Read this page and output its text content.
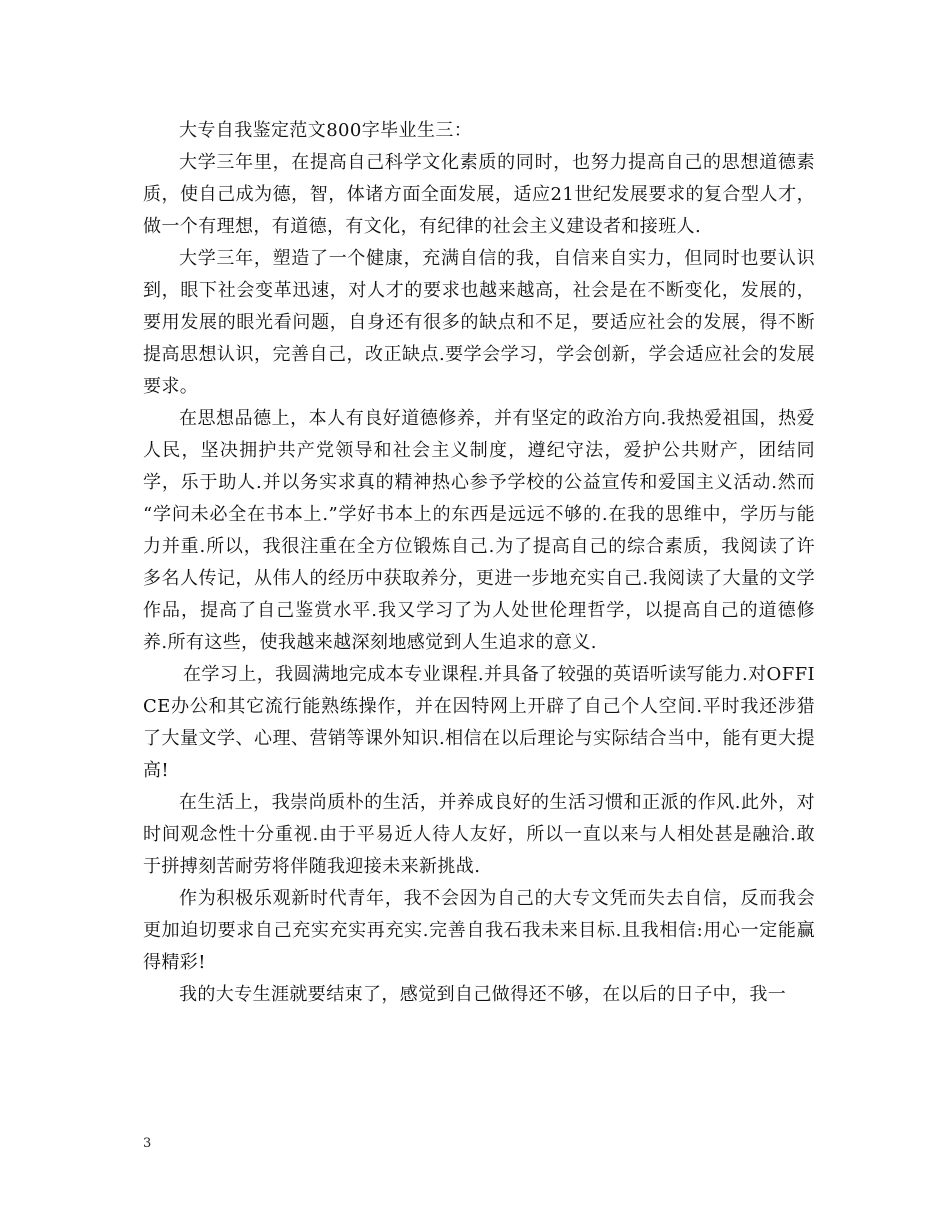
大专自我鉴定范文800字毕业生三：

大学三年里，在提高自己科学文化素质的同时，也努力提高自己的思想道德素质，使自己成为德，智，体诸方面全面发展，适应21世纪发展要求的复合型人才，做一个有理想，有道德，有文化，有纪律的社会主义建设者和接班人.

大学三年，塑造了一个健康，充满自信的我，自信来自实力，但同时也要认识到，眼下社会变革迅速，对人才的要求也越来越高，社会是在不断变化，发展的，要用发展的眼光看问题，自身还有很多的缺点和不足，要适应社会的发展，得不断提高思想认识，完善自己，改正缺点.要学会学习，学会创新，学会适应社会的发展要求。

在思想品德上，本人有良好道德修养，并有坚定的政治方向.我热爱祖国，热爱人民，坚决拥护共产党领导和社会主义制度，遵纪守法，爱护公共财产，团结同学，乐于助人.并以务实求真的精神热心参予学校的公益宣传和爱国主义活动.然而 “学问未必全在书本上.”学好书本上的东西是远远不够的.在我的思维中，学历与能力并重.所以，我很注重在全方位锻炼自己.为了提高自己的综合素质，我阅读了许多名人传记，从伟人的经历中获取养分，更进一步地充实自己.我阅读了大量的文学作品，提高了自己鉴赏水平.我又学习了为人处世伦理哲学，以提高自己的道德修养.所有这些，使我越来越深刻地感觉到人生追求的意义.

在学习上，我圆满地完成本专业课程.并具备了较强的英语听读写能力.对OFFICE办公和其它流行能熟练操作，并在因特网上开辟了自己个人空间.平时我还涉猎了大量文学、心理、营销等课外知识.相信在以后理论与实际结合当中，能有更大提高!

在生活上，我崇尚质朴的生活，并养成良好的生活习惯和正派的作风.此外，对时间观念性十分重视.由于平易近人待人友好，所以一直以来与人相处甚是融洽.敢于拼搏刻苦耐劳将伴随我迎接未来新挑战.

作为积极乐观新时代青年，我不会因为自己的大专文凭而失去自信，反而我会更加迫切要求自己充实充实再充实.完善自我石我未来目标.且我相信:用心一定能赢得精彩!

我的大专生涯就要结束了，感觉到自己做得还不够，在以后的日子中，我一

3
